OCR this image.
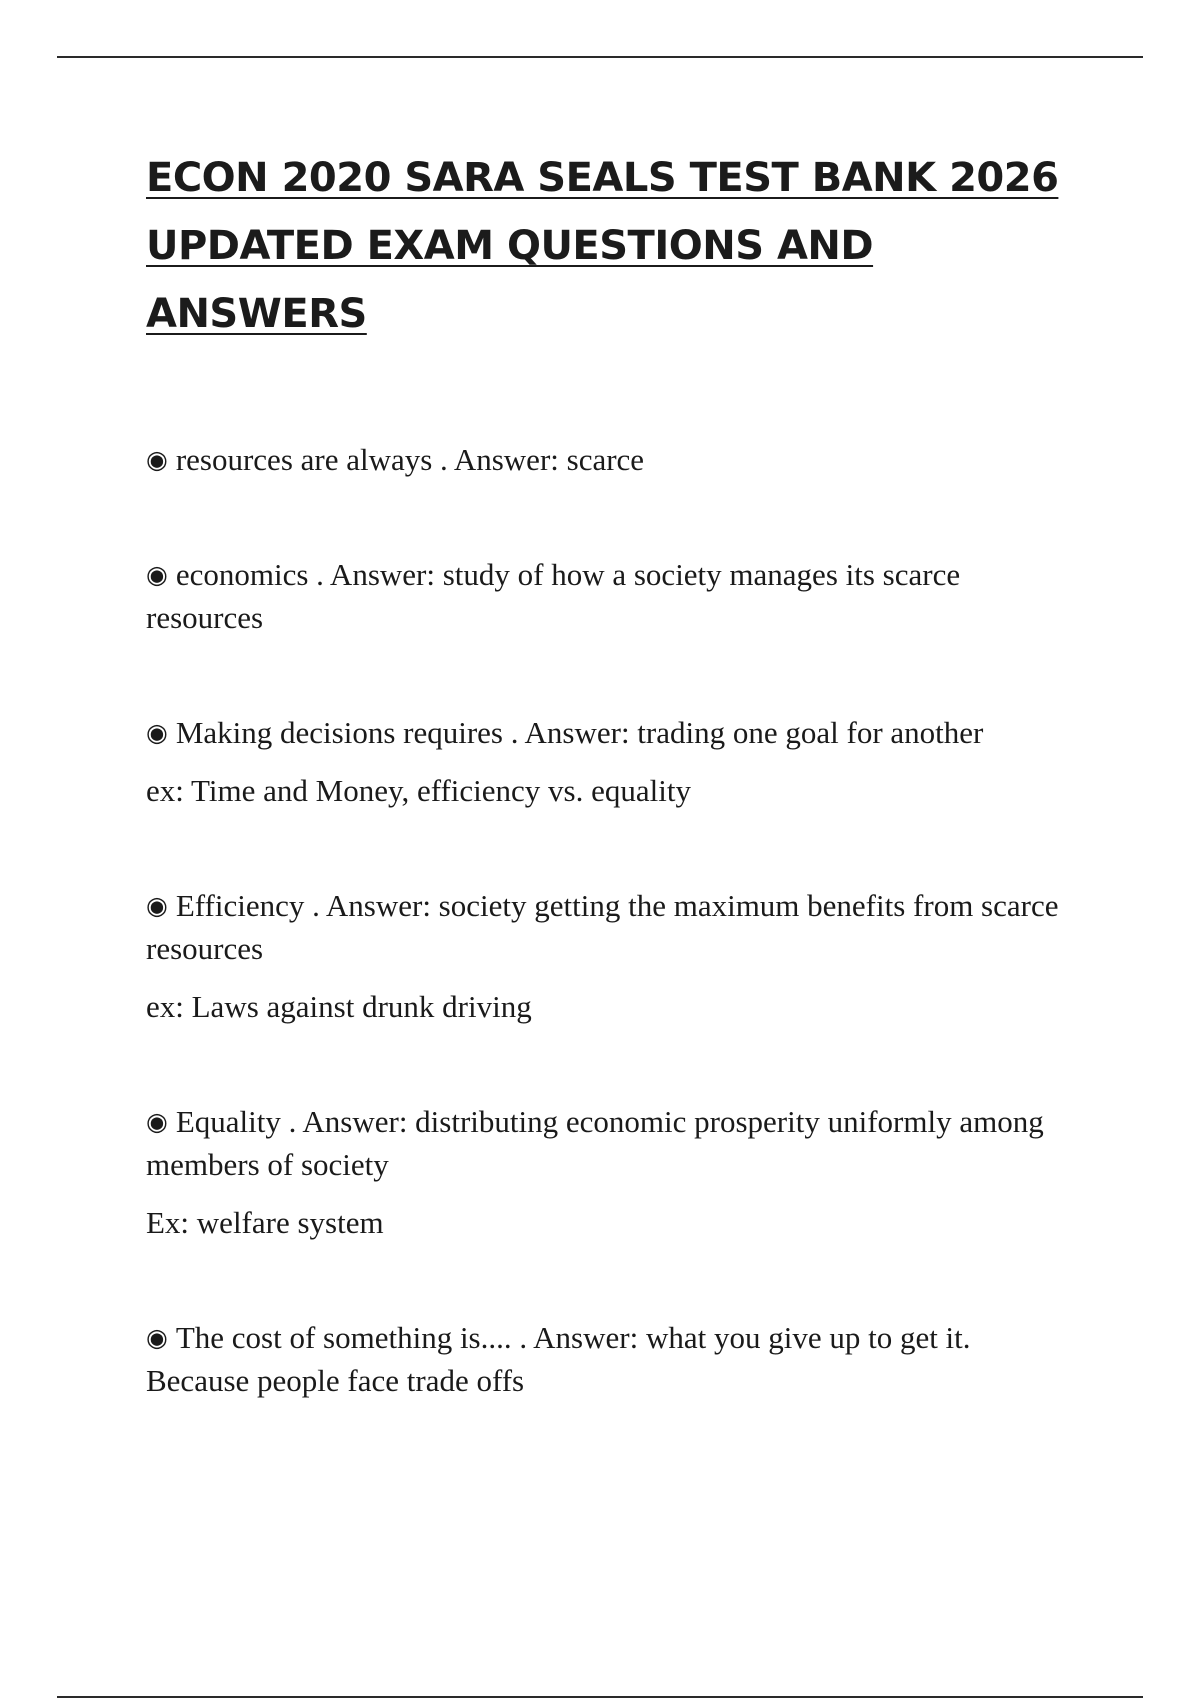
ECON 2020 SARA SEALS TEST BANK 2026
UPDATED EXAM QUESTIONS AND ANSWERS
◉ resources are always . Answer: scarce
◉ economics . Answer: study of how a society manages its scarce resources
◉ Making decisions requires . Answer: trading one goal for another
ex: Time and Money, efficiency vs. equality
◉ Efficiency . Answer: society getting the maximum benefits from scarce resources
ex: Laws against drunk driving
◉ Equality . Answer: distributing economic prosperity uniformly among members of society
Ex: welfare system
◉ The cost of something is.... . Answer: what you give up to get it. Because people face trade offs
